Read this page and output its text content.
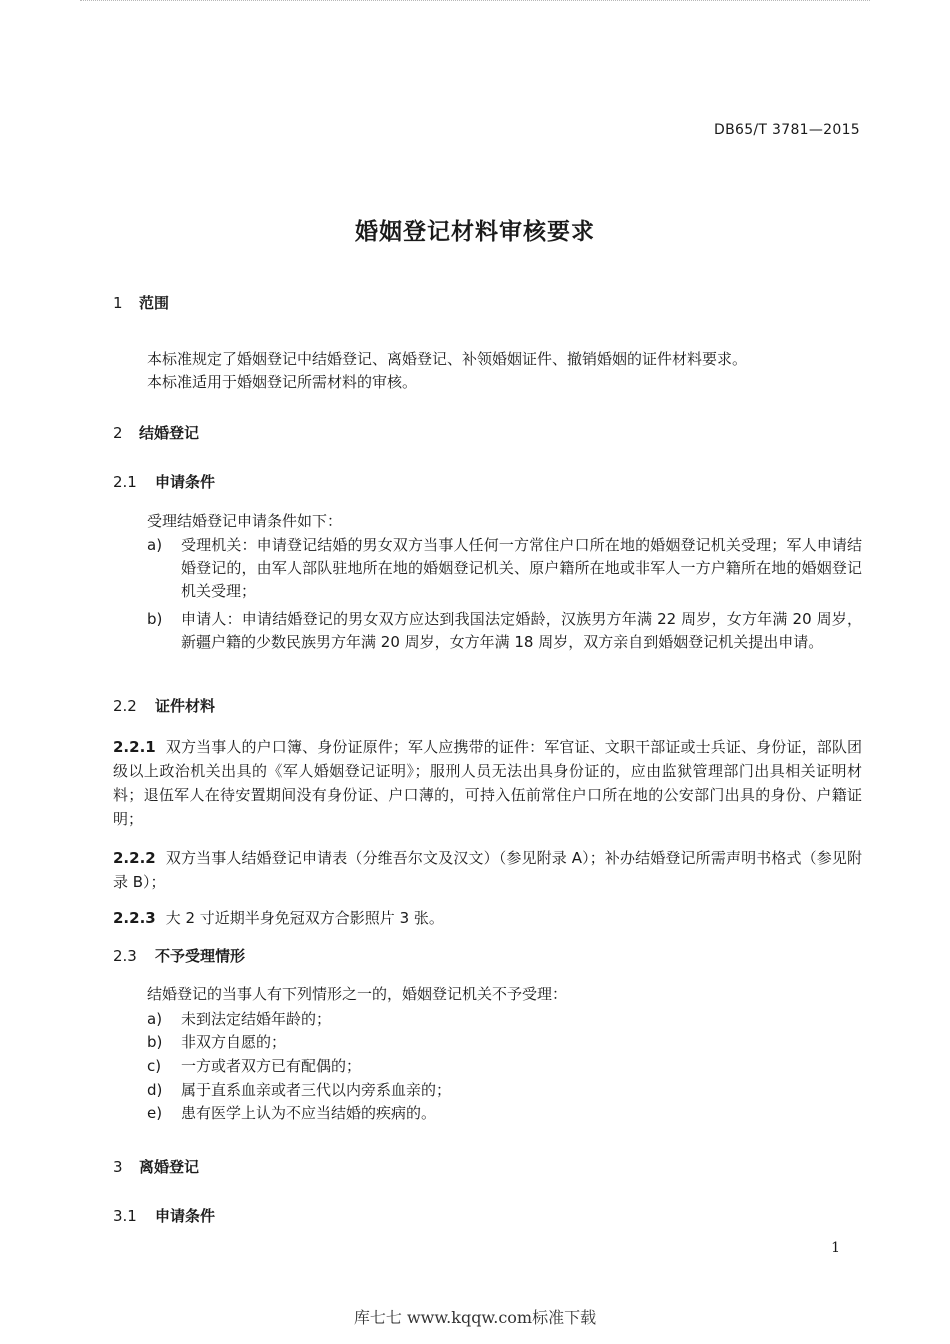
DB65/T 3781—2015
婚姻登记材料审核要求
1 范围
本标准规定了婚姻登记中结婚登记、离婚登记、补领婚姻证件、撤销婚姻的证件材料要求。
本标准适用于婚姻登记所需材料的审核。
2 结婚登记
2.1 申请条件
受理结婚登记申请条件如下：
a) 受理机关：申请登记结婚的男女双方当事人任何一方常住户口所在地的婚姻登记机关受理；军人申请结婚登记的，由军人部队驻地所在地的婚姻登记机关、原户籍所在地或非军人一方户籍所在地的婚姻登记机关受理；
b) 申请人：申请结婚登记的男女双方应达到我国法定婚龄，汉族男方年满 22 周岁，女方年满 20 周岁，新疆户籍的少数民族男方年满 20 周岁，女方年满 18 周岁，双方亲自到婚姻登记机关提出申请。
2.2 证件材料
2.2.1 双方当事人的户口簿、身份证原件；军人应携带的证件：军官证、文职干部证或士兵证、身份证，部队团级以上政治机关出具的《军人婚姻登记证明》；服刑人员无法出具身份证的，应由监狱管理部门出具相关证明材料；退伍军人在待安置期间没有身份证、户口薄的，可持入伍前常住户口所在地的公安部门出具的身份、户籍证明；
2.2.2 双方当事人结婚登记申请表（分维吾尔文及汉文）（参见附录 A）；补办结婚登记所需声明书格式（参见附录 B）；
2.2.3 大 2 寸近期半身免冠双方合影照片 3 张。
2.3 不予受理情形
结婚登记的当事人有下列情形之一的，婚姻登记机关不予受理：
a) 未到法定结婚年龄的；
b) 非双方自愿的；
c) 一方或者双方已有配偶的；
d) 属于直系血亲或者三代以内旁系血亲的；
e) 患有医学上认为不应当结婚的疾病的。
3 离婚登记
3.1 申请条件
1
库七七 www.kqqw.com标准下载
